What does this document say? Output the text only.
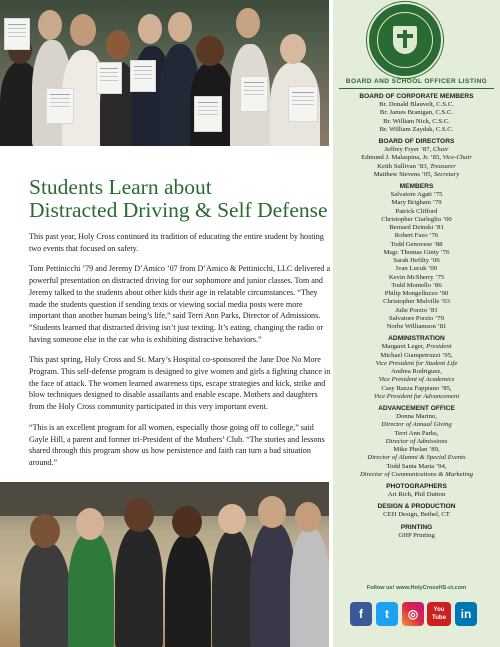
Students Learn about
Distracted Driving & Self Defense

This past year, Holy Cross continued its tradition of educating the entire student by hosting two events that focused on safety.

Tom Pettinicchi ’79 and Jeremy D’Amico ’07 from D’Amico & Pettinicchi, LLC delivered a powerful presentation on distracted driving for our sophomore and junior classes. Tom and Jeremy talked to the students about other kids their age in relatable circumstances. “They made the students question if sending texts or viewing social media posts were more important than another human being’s life,” said Terri Ann Parks, Director of Admissions. “Students learned that distracted driving isn’t just texting. It’s eating, changing the radio or having someone else in the car who is exhibiting distractive behaviors.”

This past spring, Holy Cross and St. Mary’s Hospital co-sponsored the Jane Doe No More Program. This self-defense program is designed to give women and girls a fighting chance in the face of attack. The women learned awareness tips, escape strategies and kick, strike and blow techniques designed to disable assailants and enable escape. Mothers and daughters from the Holy Cross community participated in this very important event.

“This is an excellent program for all women, especially those going off to college,” said Gayle Hill, a parent and former tri-President of the Mothers’ Club. “The stories and lessons shared through this program show us how persistence and faith can turn a bad situation around.”

BOARD AND SCHOOL OFFICER LISTING
BOARD OF CORPORATE MEMBERS
Br. Donald Blauvelt, C.S.C.
Br. James Branigan, C.S.C.
Br. William Nick, C.S.C.
Br. William Zaydak, C.S.C.
BOARD OF DIRECTORS
Jeffrey Fryer ’87, Chair
Edmund J. Malaspina, Jr. ’85, Vice-Chair
Keith Sullivan ’83, Treasurer
Matthew Stevens ’05, Secretary
MEMBERS
Salvatore Agati ’75
Mary Brigham ’79
Patrick Clifford
Christopher Ciarleglio ’00
Bernard Dzinski ’81
Robert Fazo ’76
Todd Genovese ’88
Msgr. Thomas Ginty ’76
Sarah Hefilty ’06
Ivan Lucuk ’00
Kevin McSherry ’75
Todd Montello ’86
Philip Mongelluzzo ’90
Christopher Mulville ’03
Julie Porzio ’81
Salvatore Porzio ’79
Norbe Williamson ’81
ADMINISTRATION
Margaret Leger, President
Michael Giampetruzzi ’95,
Vice President for Student Life
Andrea Rodriguez,
Vice President of Academics
Casy Razza Fappiano ’85,
Vice President for Advancement
ADVANCEMENT OFFICE
Donna Marino,
Director of Annual Giving
Terri Ann Parks,
Director of Admissions
Mike Phelan ’89,
Director of Alumni & Special Events
Todd Santa Maria ’94,
Director of Communications & Marketing
PHOTOGRAPHERS
Art Rich, Phil Dutton
DESIGN & PRODUCTION
CEH Design, Bethel, CT
PRINTING
GHP Printing
Follow us! www.HolyCrossHS-ct.com
f	t	◎	You Tube	in
